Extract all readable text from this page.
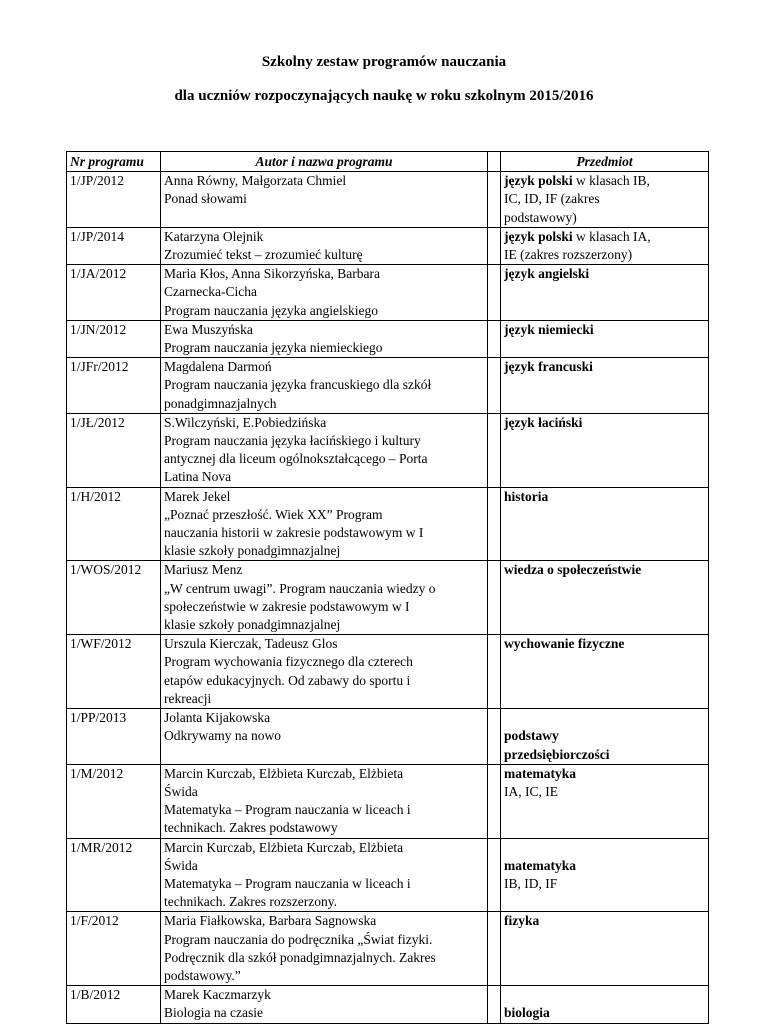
Szkolny zestaw programów nauczania
dla uczniów rozpoczynających naukę w roku szkolnym 2015/2016
Nr programu	Autor i nazwa programu		Przedmiot
1/JP/2012	Anna Równy, Małgorzata Chmiel
Ponad słowami		język polski w klasach IB,
IC, ID, IF (zakres
podstawowy)

1/JP/2014	Katarzyna Olejnik
Zrozumieć tekst – zrozumieć kulturę		język polski w klasach IA,
IE (zakres rozszerzony)

1/JA/2012	Maria Kłos, Anna Sikorzyńska, Barbara
Czarnecka-Cicha
Program nauczania języka angielskiego		język angielski

1/JN/2012	Ewa Muszyńska
Program nauczania języka niemieckiego		język niemiecki

1/JFr/2012	Magdalena Darmoń
Program nauczania języka francuskiego dla szkół
ponadgimnazjalnych		język francuski

1/JŁ/2012	S.Wilczyński, E.Pobiedzińska
Program nauczania języka łacińskiego i kultury
antycznej dla liceum ogólnokształcącego – Porta
Latina Nova		język łaciński

1/H/2012	Marek Jekel
„Poznać przeszłość. Wiek XX” Program
nauczania historii w zakresie podstawowym w I
klasie szkoły ponadgimnazjalnej		historia

1/WOS/2012	Mariusz Menz
„W centrum uwagi”. Program nauczania wiedzy o
społeczeństwie w zakresie podstawowym w I
klasie szkoły ponadgimnazjalnej		wiedza o społeczeństwie

1/WF/2012	Urszula Kierczak, Tadeusz Glos
Program wychowania fizycznego dla czterech
etapów edukacyjnych. Od zabawy do sportu i
rekreacji		wychowanie fizyczne

1/PP/2013	Jolanta Kijakowska
Odkrywamy na nowo		podstawy
przedsiębiorczości

1/M/2012	Marcin Kurczab, Elżbieta Kurczab, Elżbieta
Świda
Matematyka – Program nauczania w liceach i
technikach. Zakres podstawowy		matematyka
IA, IC, IE

1/MR/2012	Marcin Kurczab, Elżbieta Kurczab, Elżbieta
Świda
Matematyka – Program nauczania w liceach i
technikach. Zakres rozszerzony.		matematyka
IB, ID, IF

1/F/2012	Maria Fiałkowska, Barbara Sagnowska
Program nauczania do podręcznika „Świat fizyki.
Podręcznik dla szkół ponadgimnazjalnych. Zakres
podstawowy.”		fizyka

1/B/2012	Marek Kaczmarzyk
Biologia na czasie		biologia
